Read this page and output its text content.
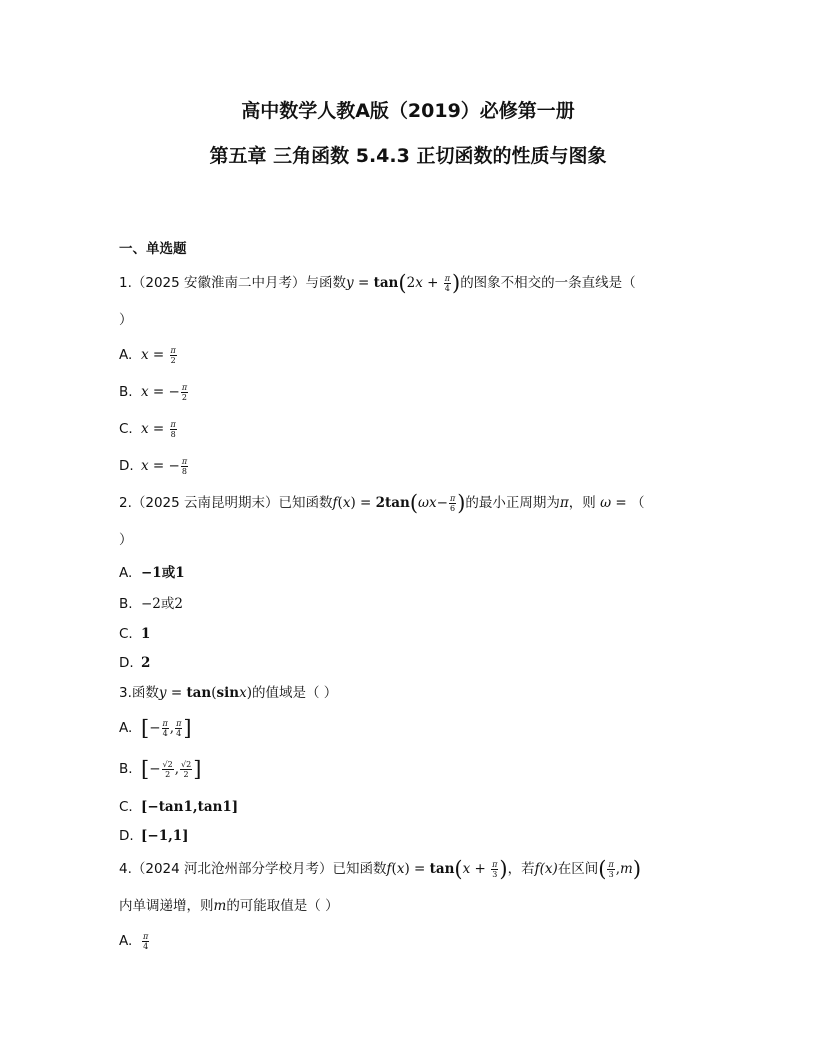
高中数学人教A版（2019）必修第一册
第五章 三角函数 5.4.3 正切函数的性质与图象
一、单选题
1.（2025 安徽淮南二中月考）与函数$y = \tan(2x + \frac{\pi}{4}$ )的图象不相交的一条直线是（
）
A. $x = \frac{\pi}{2}$
B. x = − $\frac{\pi}{2}$
C. $x = \frac{\pi}{8}$
D. x = − $\frac{\pi}{8}$
2.（2025 云南昆明期末）已知函数$f(x) = 2\tan(\omega x- \frac{\pi}{6}$ )的最小正周期为π，则 ω = （
）
A. −1或1
B. −2或2
C. 1
D. 2
3.函数y = tan(sinx)的值域是（ ）
A. [− $\frac{\pi}{4}$ , $\frac{\pi}{4}$ ]
B. [− $\frac{√2}{2}$ , $\frac{√2}{2}$ ]
C. [−tan1,tan1]
D. [−1,1]
4.（2024 河北沧州部分学校月考）已知函数$f(x) = \tan(x + \frac{\pi}{3}$ )，若f(x)在区间( $\frac{\pi}{3} ,m$)
内单调递增，则m的可能取值是（ ）
A. $\frac{\pi}{4}$
